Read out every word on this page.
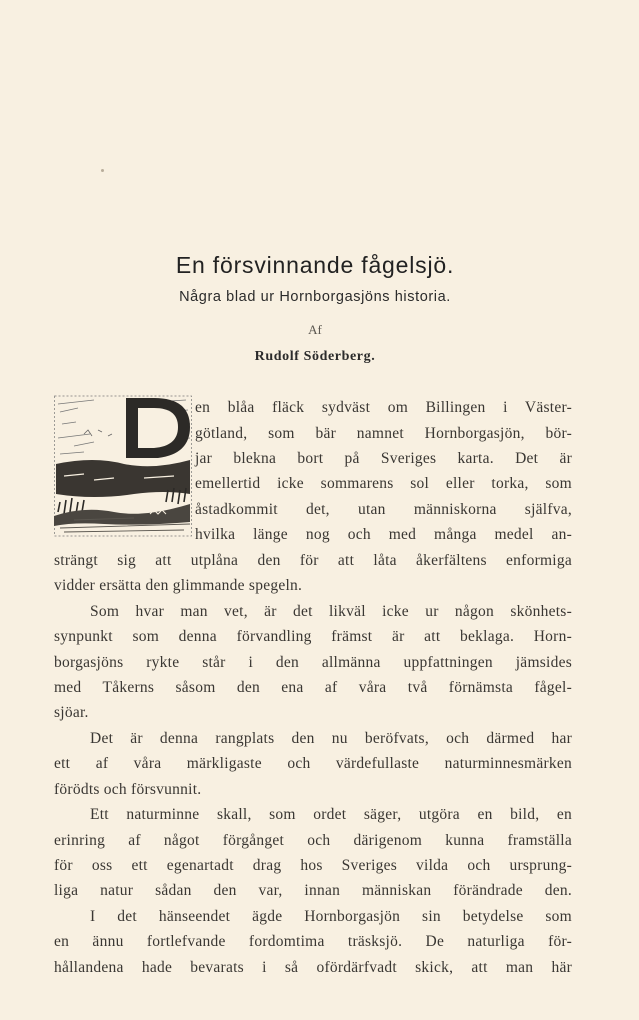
En försvinnande fågelsjö.
Några blad ur Hornborgasjöns historia.
Af
Rudolf Söderberg.
en blåa fläck sydväst om Billingen i Väster-
götland, som bär namnet Hornborgasjön, bör-
jar blekna bort på Sveriges karta. Det är
emellertid icke sommarens sol eller torka, som
åstadkommit det, utan människorna själfva,
hvilka länge nog och med många medel an-
strängt sig att utplåna den för att låta åkerfältens enformiga
vidder ersätta den glimmande spegeln.
Som hvar man vet, är det likväl icke ur någon skönhets-
synpunkt som denna förvandling främst är att beklaga. Horn-
borgasjöns rykte står i den allmänna uppfattningen jämsides
med Tåkerns såsom den ena af våra två förnämsta fågel-
sjöar.
Det är denna rangplats den nu beröfvats, och därmed har
ett af våra märkligaste och värdefullaste naturminnesmärken
förödts och försvunnit.
Ett naturminne skall, som ordet säger, utgöra en bild, en
erinring af något förgånget och därigenom kunna framställa
för oss ett egenartadt drag hos Sveriges vilda och ursprung-
liga natur sådan den var, innan människan förändrade den.
I det hänseendet ägde Hornborgasjön sin betydelse som
en ännu fortlefvande fordomtima träsksjö. De naturliga för-
hållandena hade bevarats i så ofördärfvadt skick, att man här
